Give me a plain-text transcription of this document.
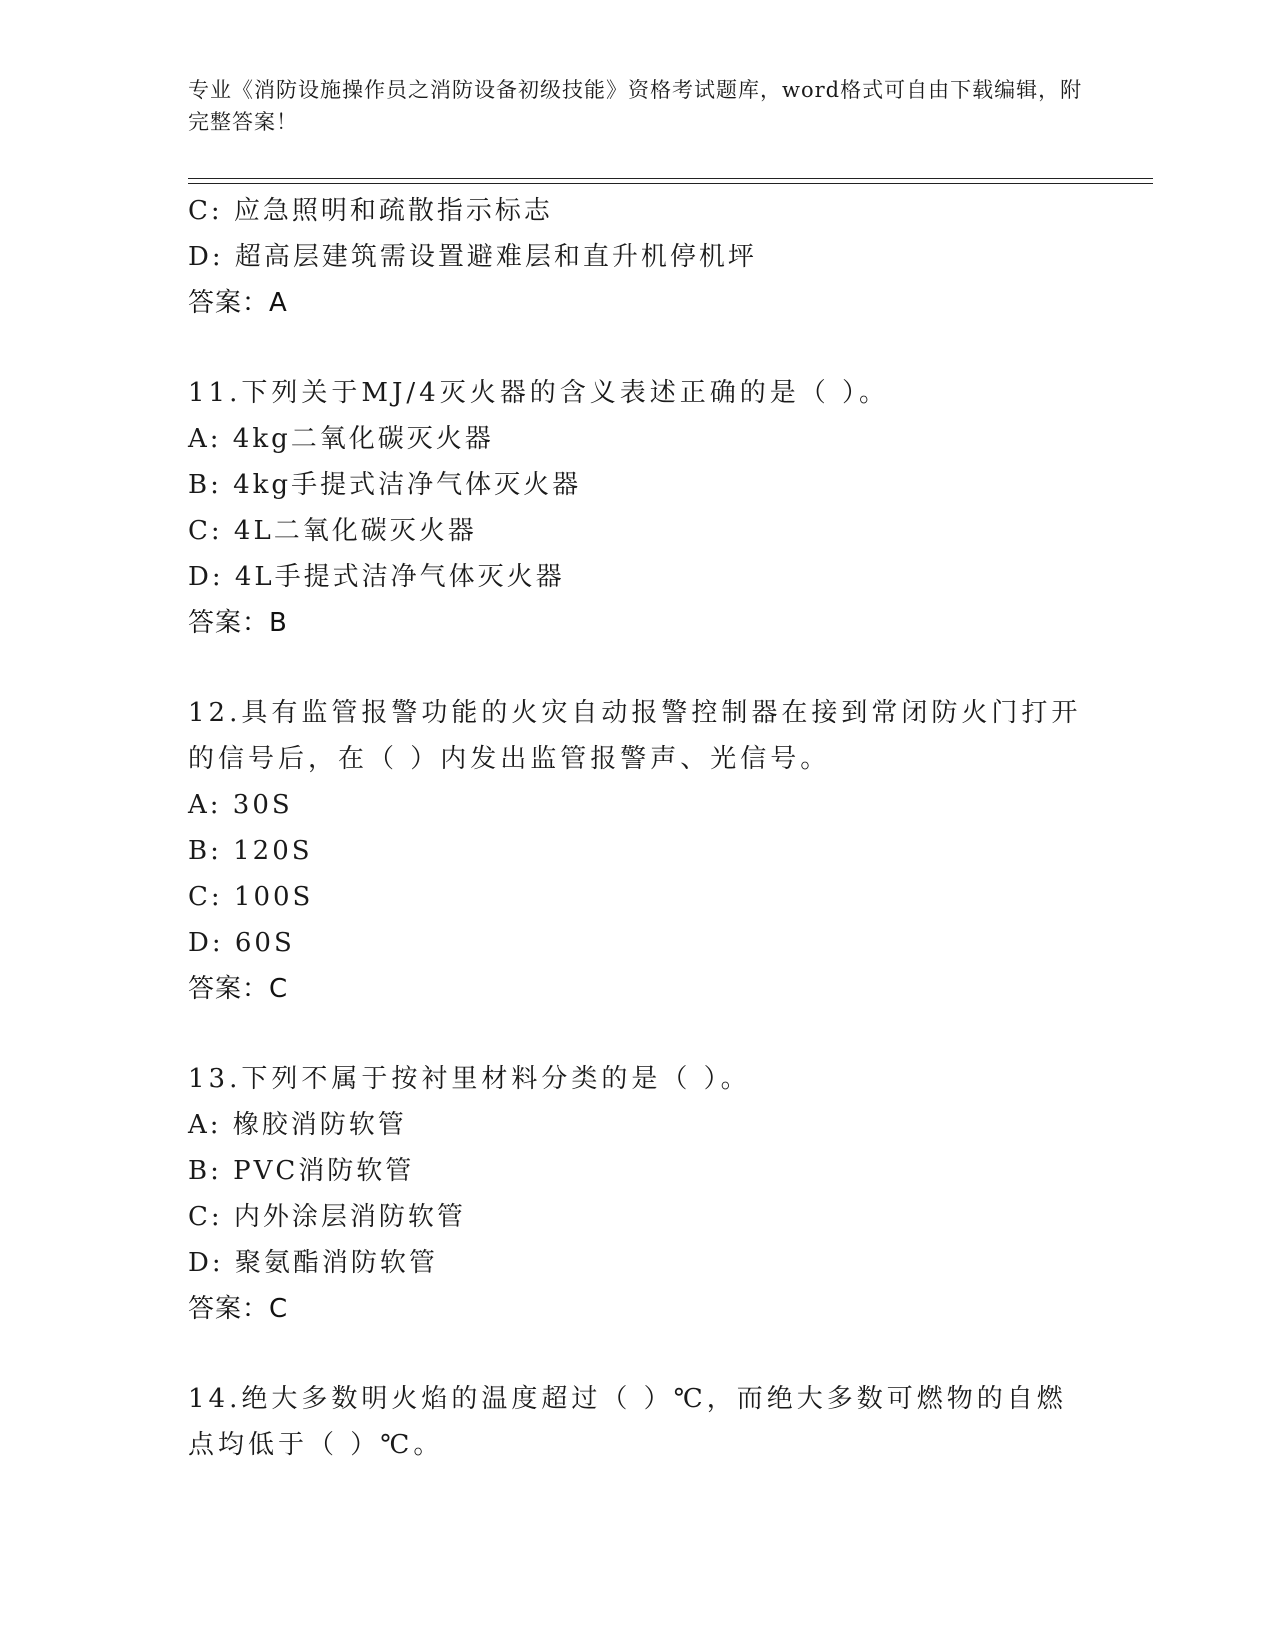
专业《消防设施操作员之消防设备初级技能》资格考试题库，word格式可自由下载编辑，附完整答案！
C: 应急照明和疏散指示标志
D: 超高层建筑需设置避难层和直升机停机坪
答案：A
11.下列关于MJ/4灭火器的含义表述正确的是（ ）。
A: 4kg二氧化碳灭火器
B: 4kg手提式洁净气体灭火器
C: 4L二氧化碳灭火器
D: 4L手提式洁净气体灭火器
答案：B
12.具有监管报警功能的火灾自动报警控制器在接到常闭防火门打开的信号后，在（ ）内发出监管报警声、光信号。
A: 30S
B: 120S
C: 100S
D: 60S
答案：C
13.下列不属于按衬里材料分类的是（ ）。
A: 橡胶消防软管
B: PVC消防软管
C: 内外涂层消防软管
D: 聚氨酯消防软管
答案：C
14.绝大多数明火焰的温度超过（ ）℃，而绝大多数可燃物的自燃点均低于（ ）℃。
